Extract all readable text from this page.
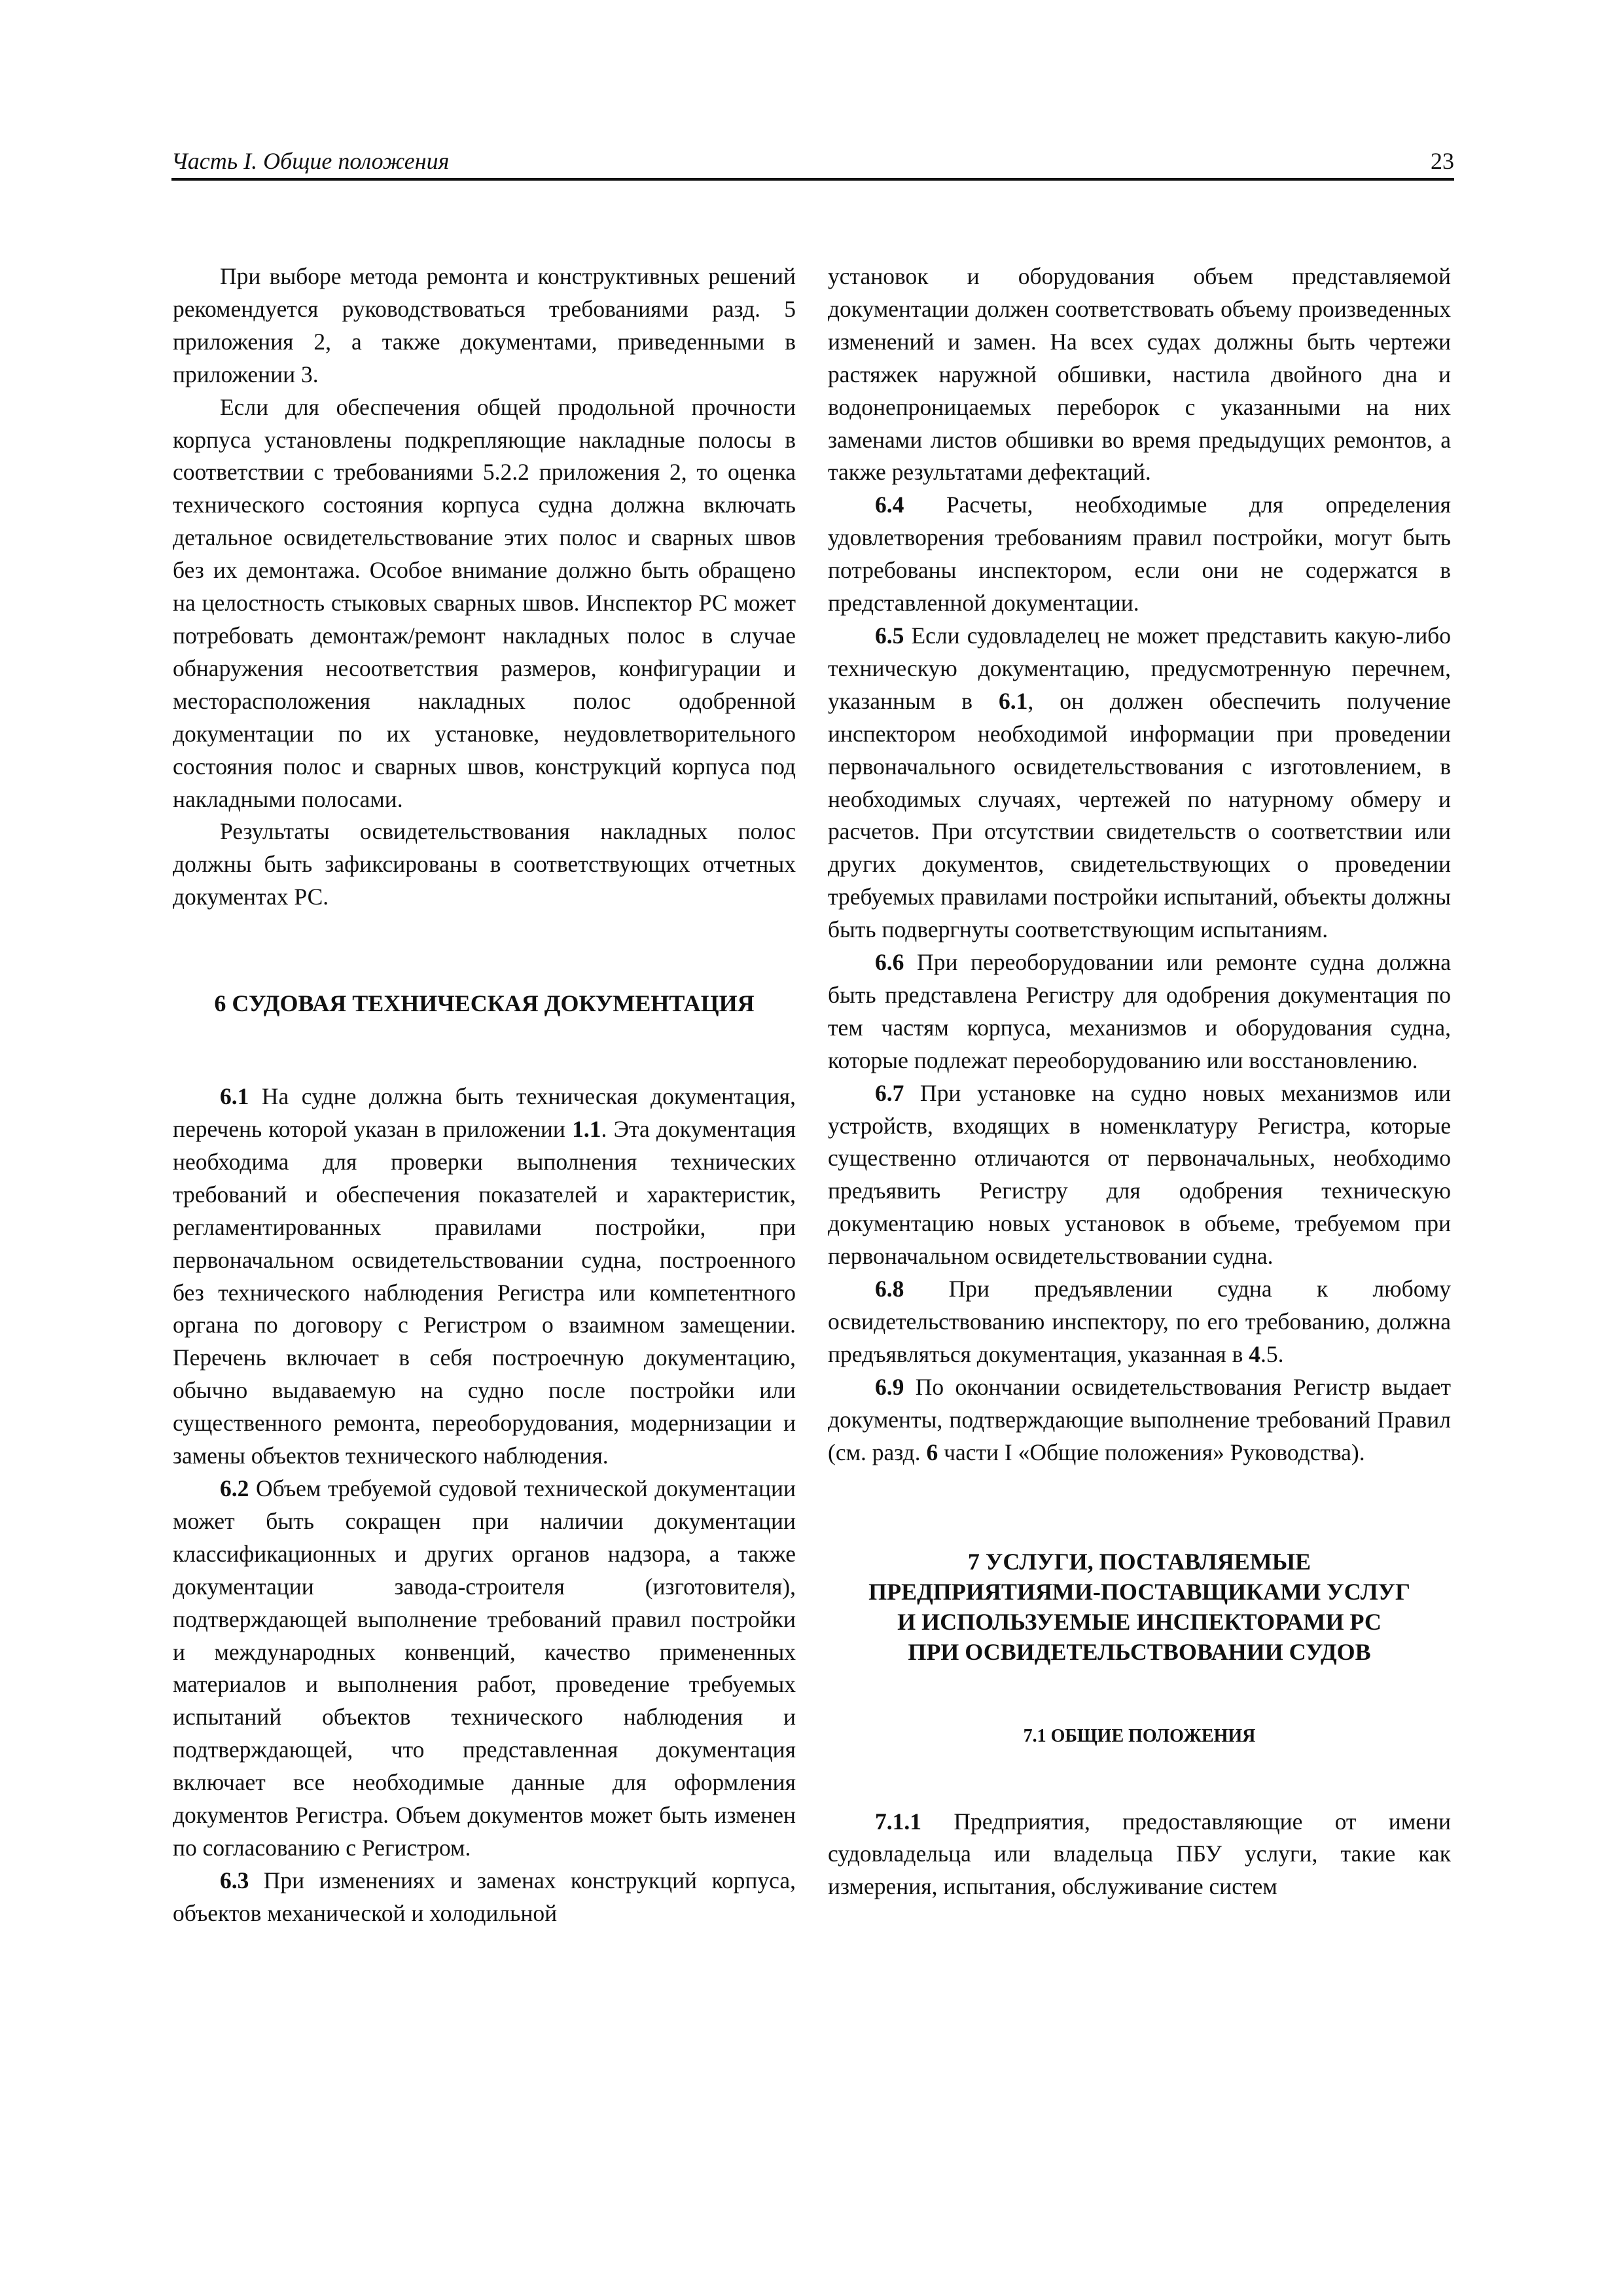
Часть I. Общие положения	23

При выборе метода ремонта и конструктивных решений рекомендуется руководствоваться требованиями разд. 5 приложения 2, а также документами, приведенными в приложении 3.

Если для обеспечения общей продольной прочности корпуса установлены подкрепляющие накладные полосы в соответствии с требованиями 5.2.2 приложения 2, то оценка технического состояния корпуса судна должна включать детальное освидетельствование этих полос и сварных швов без их демонтажа. Особое внимание должно быть обращено на целостность стыковых сварных швов. Инспектор РС может потребовать демонтаж/ремонт накладных полос в случае обнаружения несоответствия размеров, конфигурации и месторасположения накладных полос одобренной документации по их установке, неудовлетворительного состояния полос и сварных швов, конструкций корпуса под накладными полосами.

Результаты освидетельствования накладных полос должны быть зафиксированы в соответствующих отчетных документах РС.

6 СУДОВАЯ ТЕХНИЧЕСКАЯ ДОКУМЕНТАЦИЯ

6.1 На судне должна быть техническая документация, перечень которой указан в приложении 1.1. Эта документация необходима для проверки выполнения технических требований и обеспечения показателей и характеристик, регламентированных правилами постройки, при первоначальном освидетельствовании судна, построенного без технического наблюдения Регистра или компетентного органа по договору с Регистром о взаимном замещении. Перечень включает в себя построечную документацию, обычно выдаваемую на судно после постройки или существенного ремонта, переоборудования, модернизации и замены объектов технического наблюдения.

6.2 Объем требуемой судовой технической документации может быть сокращен при наличии документации классификационных и других органов надзора, а также документации завода-строителя (изготовителя), подтверждающей выполнение требований правил постройки и международных конвенций, качество примененных материалов и выполнения работ, проведение требуемых испытаний объектов технического наблюдения и подтверждающей, что представленная документация включает все необходимые данные для оформления документов Регистра. Объем документов может быть изменен по согласованию с Регистром.

6.3 При изменениях и заменах конструкций корпуса, объектов механической и холодильной

установок и оборудования объем представляемой документации должен соответствовать объему произведенных изменений и замен. На всех судах должны быть чертежи растяжек наружной обшивки, настила двойного дна и водонепроницаемых переборок с указанными на них заменами листов обшивки во время предыдущих ремонтов, а также результатами дефектаций.

6.4 Расчеты, необходимые для определения удовлетворения требованиям правил постройки, могут быть потребованы инспектором, если они не содержатся в представленной документации.

6.5 Если судовладелец не может представить какую-либо техническую документацию, предусмотренную перечнем, указанным в 6.1, он должен обеспечить получение инспектором необходимой информации при проведении первоначального освидетельствования с изготовлением, в необходимых случаях, чертежей по натурному обмеру и расчетов. При отсутствии свидетельств о соответствии или других документов, свидетельствующих о проведении требуемых правилами постройки испытаний, объекты должны быть подвергнуты соответствующим испытаниям.

6.6 При переоборудовании или ремонте судна должна быть представлена Регистру для одобрения документация по тем частям корпуса, механизмов и оборудования судна, которые подлежат переоборудованию или восстановлению.

6.7 При установке на судно новых механизмов или устройств, входящих в номенклатуру Регистра, которые существенно отличаются от первоначальных, необходимо предъявить Регистру для одобрения техническую документацию новых установок в объеме, требуемом при первоначальном освидетельствовании судна.

6.8 При предъявлении судна к любому освидетельствованию инспектору, по его требованию, должна предъявляться документация, указанная в 4.5.

6.9 По окончании освидетельствования Регистр выдает документы, подтверждающие выполнение требований Правил (см. разд. 6 части I «Общие положения» Руководства).

7 УСЛУГИ, ПОСТАВЛЯЕМЫЕ
ПРЕДПРИЯТИЯМИ-ПОСТАВЩИКАМИ УСЛУГ
И ИСПОЛЬЗУЕМЫЕ ИНСПЕКТОРАМИ РС
ПРИ ОСВИДЕТЕЛЬСТВОВАНИИ СУДОВ
7.1 ОБЩИЕ ПОЛОЖЕНИЯ

7.1.1 Предприятия, предоставляющие от имени судовладельца или владельца ПБУ услуги, такие как измерения, испытания, обслуживание систем
